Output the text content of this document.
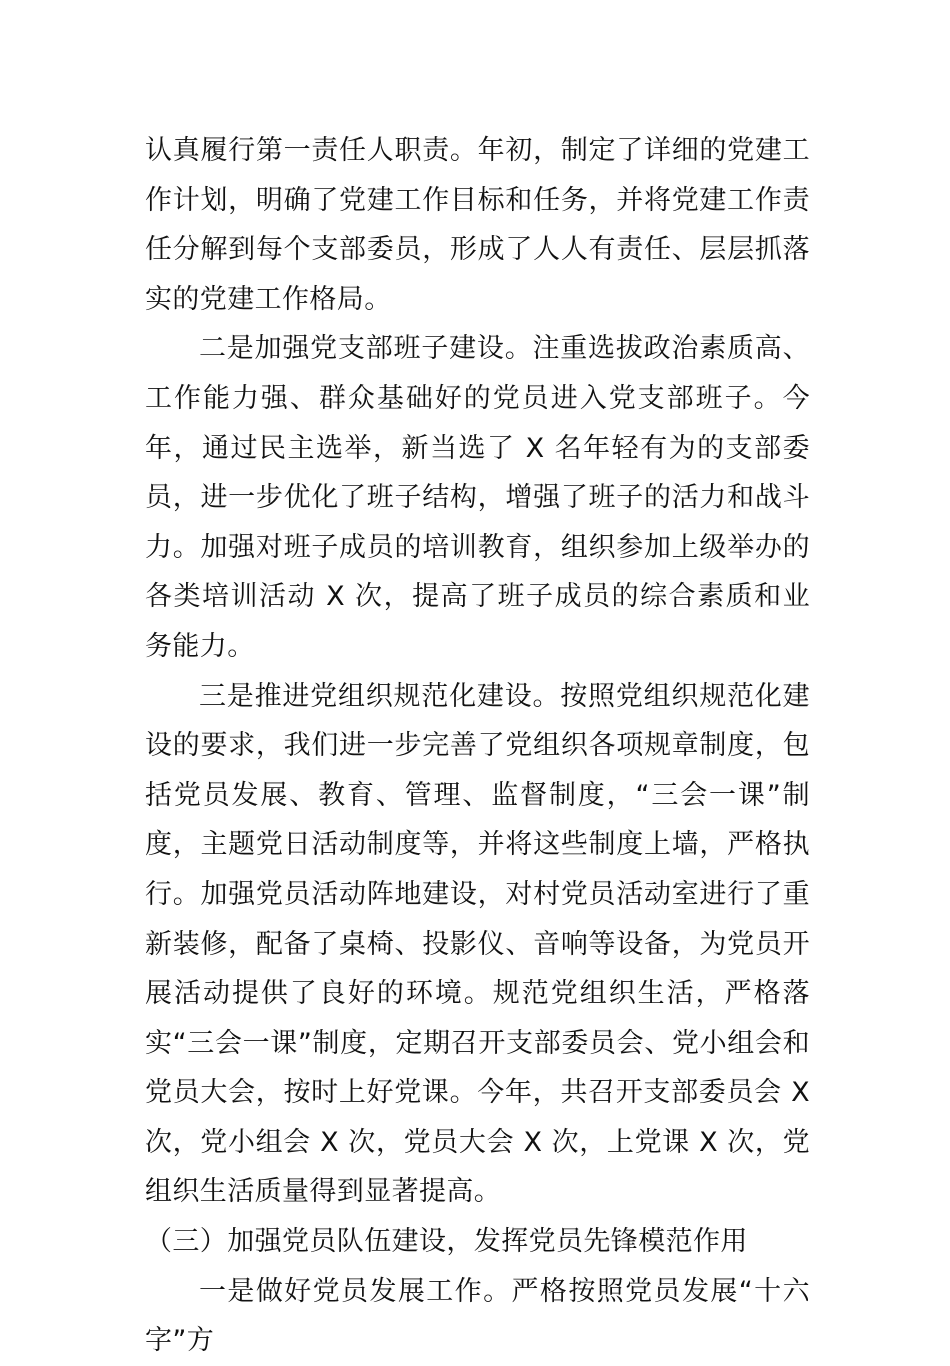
认真履行第一责任人职责。年初，制定了详细的党建工作计划，明确了党建工作目标和任务，并将党建工作责任分解到每个支部委员，形成了人人有责任、层层抓落实的党建工作格局。

二是加强党支部班子建设。注重选拔政治素质高、工作能力强、群众基础好的党员进入党支部班子。今年，通过民主选举，新当选了 X 名年轻有为的支部委员，进一步优化了班子结构，增强了班子的活力和战斗力。加强对班子成员的培训教育，组织参加上级举办的各类培训活动 X 次，提高了班子成员的综合素质和业务能力。

三是推进党组织规范化建设。按照党组织规范化建设的要求，我们进一步完善了党组织各项规章制度，包括党员发展、教育、管理、监督制度，“三会一课”制度，主题党日活动制度等，并将这些制度上墙，严格执行。加强党员活动阵地建设，对村党员活动室进行了重新装修，配备了桌椅、投影仪、音响等设备，为党员开展活动提供了良好的环境。规范党组织生活，严格落实“三会一课”制度，定期召开支部委员会、党小组会和党员大会，按时上好党课。今年，共召开支部委员会 X 次，党小组会 X 次，党员大会 X 次，上党课 X 次，党组织生活质量得到显著提高。

（三）加强党员队伍建设，发挥党员先锋模范作用

一是做好党员发展工作。严格按照党员发展“十六字”方
